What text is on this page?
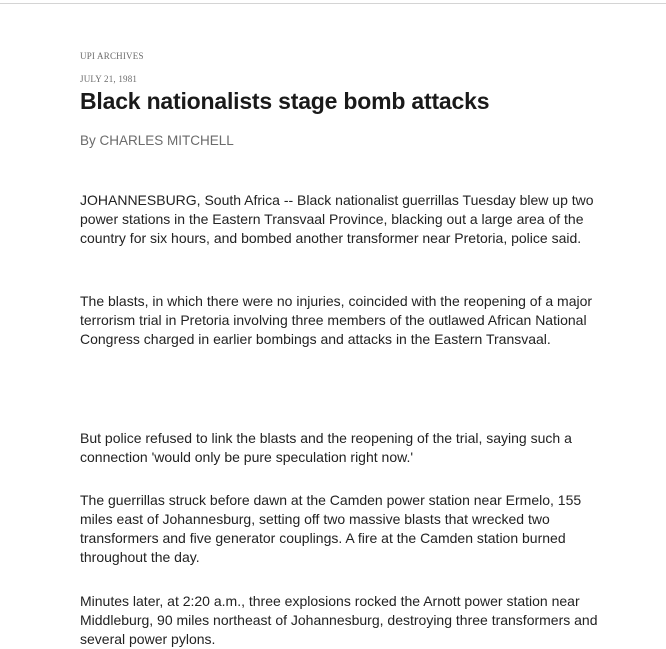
UPI ARCHIVES
JULY 21, 1981
Black nationalists stage bomb attacks
By CHARLES MITCHELL

JOHANNESBURG, South Africa -- Black nationalist guerrillas Tuesday blew up two power stations in the Eastern Transvaal Province, blacking out a large area of the country for six hours, and bombed another transformer near Pretoria, police said.

The blasts, in which there were no injuries, coincided with the reopening of a major terrorism trial in Pretoria involving three members of the outlawed African National Congress charged in earlier bombings and attacks in the Eastern Transvaal.

But police refused to link the blasts and the reopening of the trial, saying such a connection 'would only be pure speculation right now.'

The guerrillas struck before dawn at the Camden power station near Ermelo, 155 miles east of Johannesburg, setting off two massive blasts that wrecked two transformers and five generator couplings. A fire at the Camden station burned throughout the day.

Minutes later, at 2:20 a.m., three explosions rocked the Arnott power station near Middleburg, 90 miles northeast of Johannesburg, destroying three transformers and several power pylons.
